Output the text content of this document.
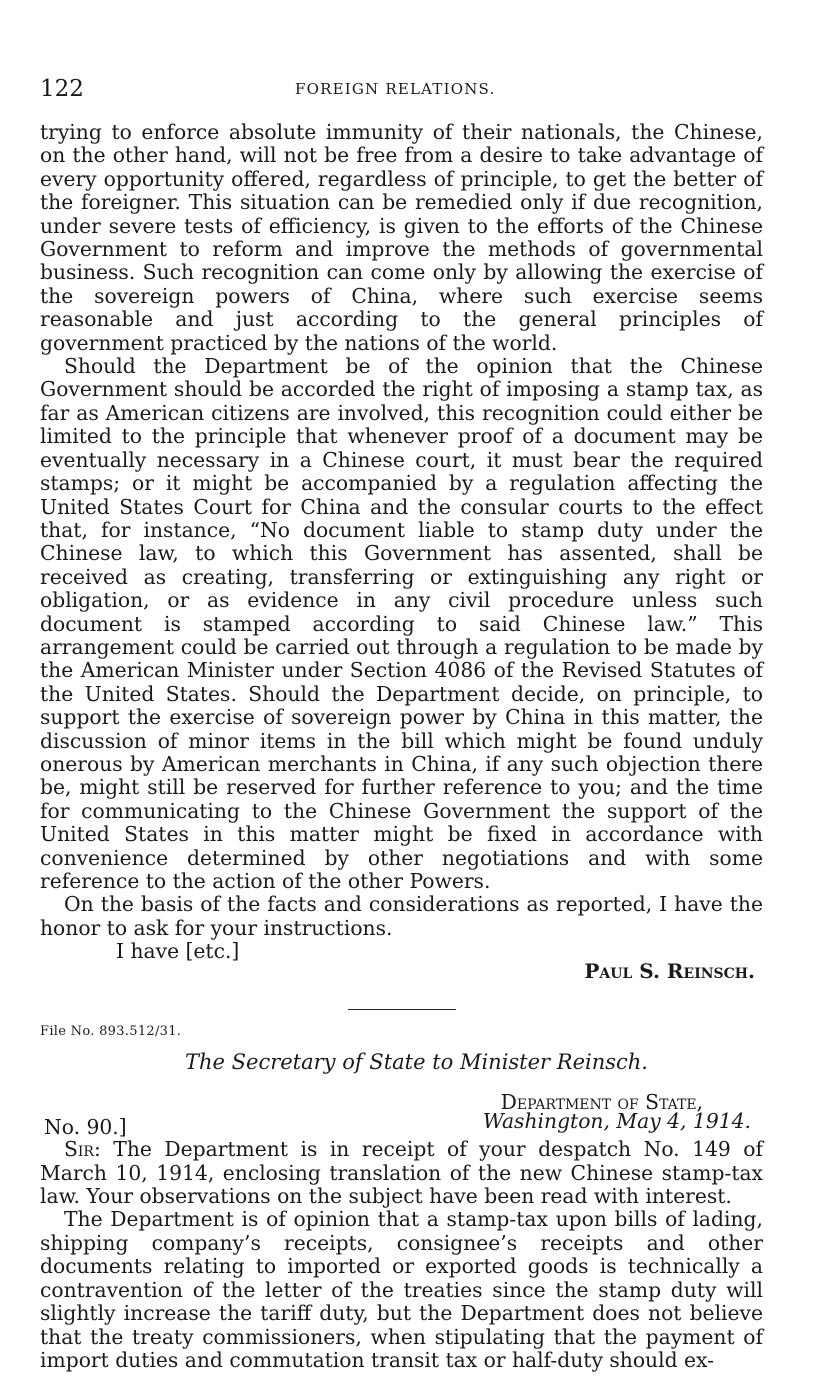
122	FOREIGN RELATIONS.

trying to enforce absolute immunity of their nationals, the Chinese, on the other hand, will not be free from a desire to take advantage of every opportunity offered, regardless of principle, to get the better of the foreigner. This situation can be remedied only if due recognition, under severe tests of efficiency, is given to the efforts of the Chinese Government to reform and improve the methods of governmental business. Such recognition can come only by allowing the exercise of the sovereign powers of China, where such exercise seems reasonable and just according to the general principles of government practiced by the nations of the world.

Should the Department be of the opinion that the Chinese Government should be accorded the right of imposing a stamp tax, as far as American citizens are involved, this recognition could either be limited to the principle that whenever proof of a document may be eventually necessary in a Chinese court, it must bear the required stamps; or it might be accompanied by a regulation affecting the United States Court for China and the consular courts to the effect that, for instance, “No document liable to stamp duty under the Chinese law, to which this Government has assented, shall be received as creating, transferring or extinguishing any right or obligation, or as evidence in any civil procedure unless such document is stamped according to said Chinese law.” This arrangement could be carried out through a regulation to be made by the American Minister under Section 4086 of the Revised Statutes of the United States. Should the Department decide, on principle, to support the exercise of sovereign power by China in this matter, the discussion of minor items in the bill which might be found unduly onerous by American merchants in China, if any such objection there be, might still be reserved for further reference to you; and the time for communicating to the Chinese Government the support of the United States in this matter might be fixed in accordance with convenience determined by other negotiations and with some reference to the action of the other Powers.

On the basis of the facts and considerations as reported, I have the honor to ask for your instructions.

I have [etc.]

Paul S. Reinsch.
File No. 893.512/31.
The Secretary of State to Minister Reinsch.
Department of State,
No. 90.]	Washington, May 4, 1914.

Sir: The Department is in receipt of your despatch No. 149 of March 10, 1914, enclosing translation of the new Chinese stamp-tax law. Your observations on the subject have been read with interest.

The Department is of opinion that a stamp-tax upon bills of lading, shipping company’s receipts, consignee’s receipts and other documents relating to imported or exported goods is technically a contravention of the letter of the treaties since the stamp duty will slightly increase the tariff duty, but the Department does not believe that the treaty commissioners, when stipulating that the payment of import duties and commutation transit tax or half-duty should ex-
